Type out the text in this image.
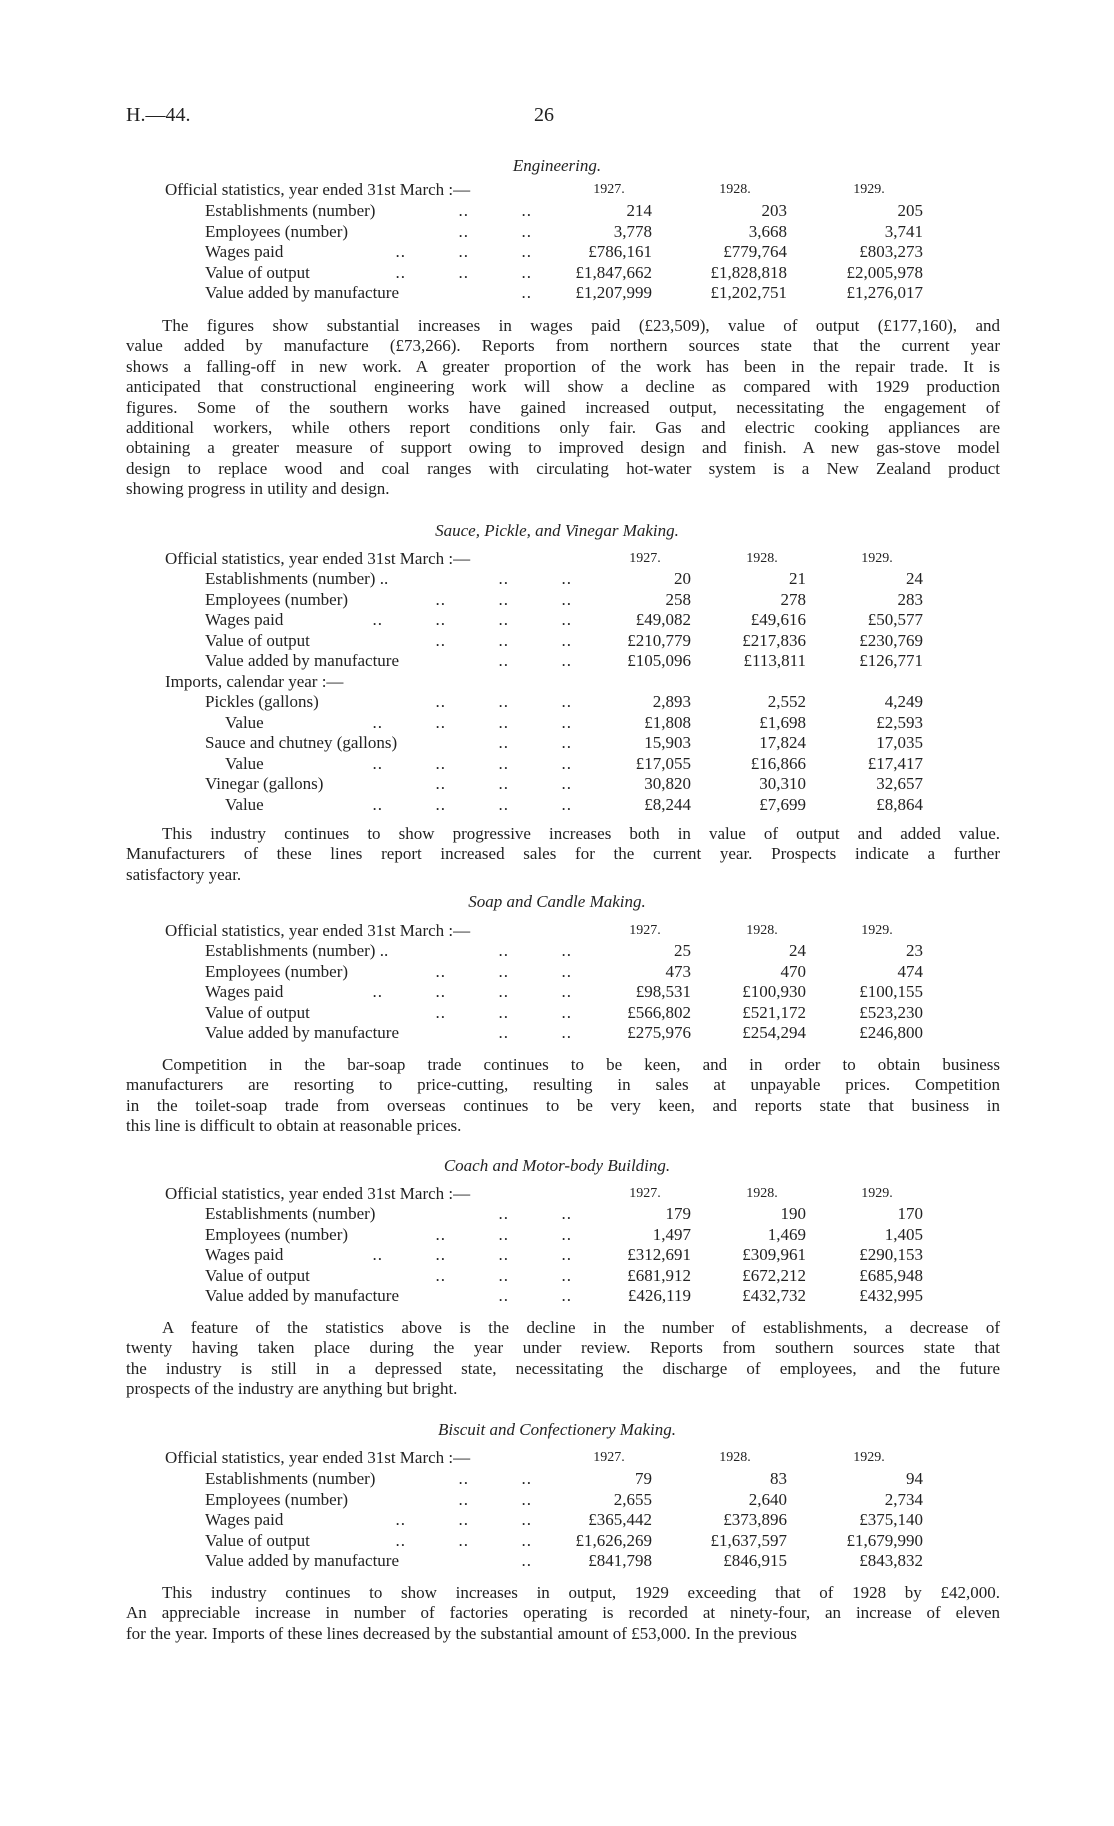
H.—44.	26
Engineering.
Official statistics, year ended 31st March :—	1927.	1928.	1929.
Establishments (number)	..          ..	214	203	205
Employees (number)	..          ..	3,778	3,668	3,741
Wages paid	..          ..          ..	£786,161	£779,764	£803,273
Value of output	..          ..          ..	£1,847,662	£1,828,818	£2,005,978
Value added by manufacture	..	£1,207,999	£1,202,751	£1,276,017
The figures show substantial increases in wages paid (£23,509), value of output (£177,160), and
value added by manufacture (£73,266). Reports from northern sources state that the current year
shows a falling-off in new work. A greater proportion of the work has been in the repair trade. It is
anticipated that constructional engineering work will show a decline as compared with 1929 production
figures. Some of the southern works have gained increased output, necessitating the engagement of
additional workers, while others report conditions only fair. Gas and electric cooking appliances are
obtaining a greater measure of support owing to improved design and finish. A new gas-stove model
design to replace wood and coal ranges with circulating hot-water system is a New Zealand product
showing progress in utility and design.
Sauce, Pickle, and Vinegar Making.
Official statistics, year ended 31st March :—	1927.	1928.	1929.
Establishments (number) ..	..          ..	20	21	24
Employees (number)	..          ..          ..	258	278	283
Wages paid	..          ..          ..          ..	£49,082	£49,616	£50,577
Value of output	..          ..          ..	£210,779	£217,836	£230,769
Value added by manufacture	..          ..	£105,096	£113,811	£126,771
Imports, calendar year :—
Pickles (gallons)	..          ..          ..	2,893	2,552	4,249
Value	..          ..          ..          ..	£1,808	£1,698	£2,593
Sauce and chutney (gallons)	..          ..	15,903	17,824	17,035
Value	..          ..          ..          ..	£17,055	£16,866	£17,417
Vinegar (gallons)	..          ..          ..	30,820	30,310	32,657
Value	..          ..          ..          ..	£8,244	£7,699	£8,864
This industry continues to show progressive increases both in value of output and added value.
Manufacturers of these lines report increased sales for the current year. Prospects indicate a further
satisfactory year.
Soap and Candle Making.
Official statistics, year ended 31st March :—	1927.	1928.	1929.
Establishments (number) ..	..          ..	25	24	23
Employees (number)	..          ..          ..	473	470	474
Wages paid	..          ..          ..          ..	£98,531	£100,930	£100,155
Value of output	..          ..          ..	£566,802	£521,172	£523,230
Value added by manufacture	..          ..	£275,976	£254,294	£246,800
Competition in the bar-soap trade continues to be keen, and in order to obtain business
manufacturers are resorting to price-cutting, resulting in sales at unpayable prices. Competition
in the toilet-soap trade from overseas continues to be very keen, and reports state that business in
this line is difficult to obtain at reasonable prices.
Coach and Motor-body Building.
Official statistics, year ended 31st March :—	1927.	1928.	1929.
Establishments (number)	..          ..	179	190	170
Employees (number)	..          ..          ..	1,497	1,469	1,405
Wages paid	..          ..          ..          ..	£312,691	£309,961	£290,153
Value of output	..          ..          ..	£681,912	£672,212	£685,948
Value added by manufacture	..          ..	£426,119	£432,732	£432,995
A feature of the statistics above is the decline in the number of establishments, a decrease of
twenty having taken place during the year under review. Reports from southern sources state that
the industry is still in a depressed state, necessitating the discharge of employees, and the future
prospects of the industry are anything but bright.
Biscuit and Confectionery Making.
Official statistics, year ended 31st March :—	1927.	1928.	1929.
Establishments (number)	..          ..	79	83	94
Employees (number)	..          ..	2,655	2,640	2,734
Wages paid	..          ..          ..	£365,442	£373,896	£375,140
Value of output	..          ..          ..	£1,626,269	£1,637,597	£1,679,990
Value added by manufacture	..	£841,798	£846,915	£843,832
This industry continues to show increases in output, 1929 exceeding that of 1928 by £42,000.
An appreciable increase in number of factories operating is recorded at ninety-four, an increase of eleven
for the year. Imports of these lines decreased by the substantial amount of £53,000. In the previous
